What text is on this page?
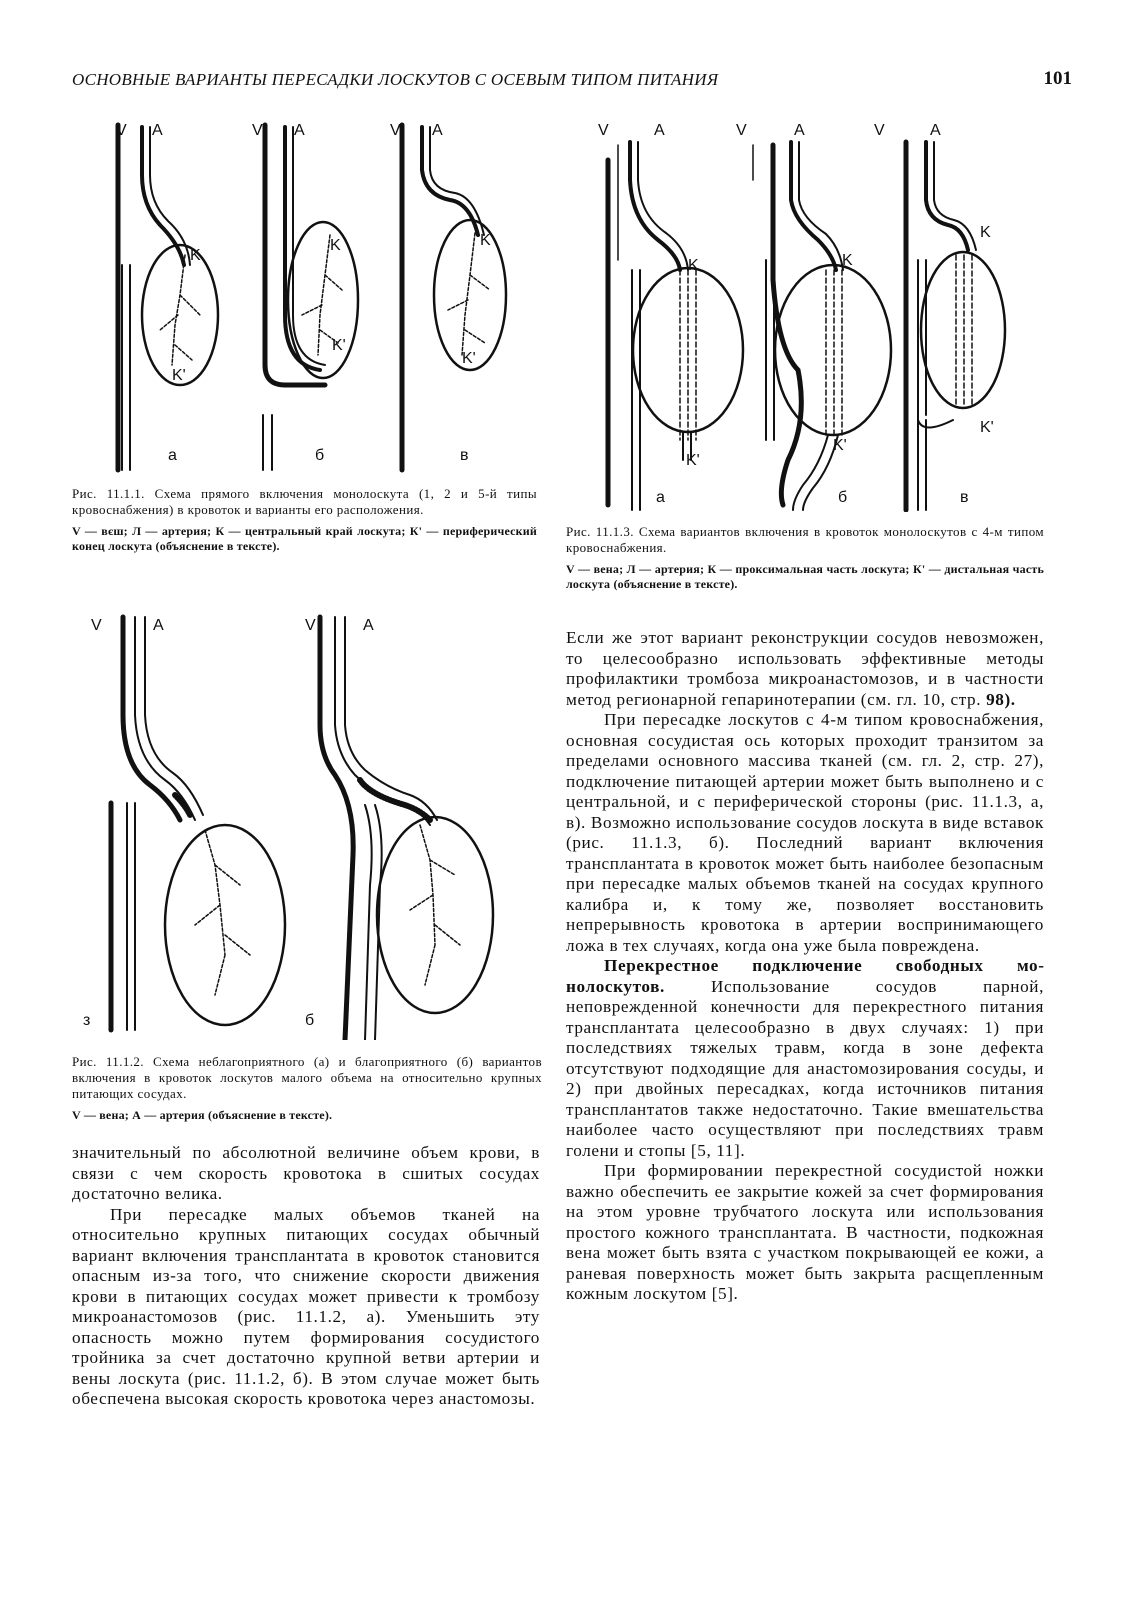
ОСНОВНЫЕ ВАРИАНТЫ ПЕРЕСАДКИ ЛОСКУТОВ С ОСЕВЫМ ТИПОМ ПИТАНИЯ	101
V A
K
K'
V A
K
K'
V A
K
K'
а	б	в
Рис. 11.1.1. Схема прямого включения монолоскута (1, 2 и 5-й типы кровоснабжения) в кровоток и варианты его расположения.
V — вєш; Л — артерия; К — центральный край лоскута; К' — периферический конец лоскута (объяснение в тексте).
V	A
K
K'
V	A
K
K'
V	A
K
K'
а	б	в
Рис. 11.1.3. Схема вариантов включения в кровоток монолоскутов с 4-м типом кровоснабжения.
V — вена; Л — артерия; К — проксимальная часть лоскута; К' — дистальная часть лоскута (объяснение в тексте).
V	A	V	A
з	б
Рис. 11.1.2. Схема неблагоприятного (а) и благоприятного (б) вариантов включения в кровоток лоскутов малого объема на относительно крупных питающих сосудах.
V — вена; А — артерия (объяснение в тексте).

значительный по абсолютной величине объем крови, в связи с чем скорость кровотока в сшитых сосудах достаточно велика.

При пересадке малых объемов тканей на относительно крупных питающих сосудах обычный вариант включения трансплантата в кровоток становится опасным из-за того, что снижение скорости движения крови в питающих сосудах может привести к тромбозу микроанастомозов (рис. 11.1.2, а). Уменьшить эту опасность можно путем формирования сосудистого тройника за счет достаточно крупной ветви артерии и вены лоскута (рис. 11.1.2, б). В этом случае может быть обеспечена высокая скорость кровотока через анастомозы.

Если же этот вариант реконструкции сосудов невозможен, то целесообразно использовать эффективные методы профилактики тромбоза микроанастомозов, и в частности метод регионарной гепаринотерапии (см. гл. 10, стр. 98).

При пересадке лоскутов с 4-м типом кровоснабжения, основная сосудистая ось которых проходит транзитом за пределами основного массива тканей (см. гл. 2, стр. 27), подключение питающей артерии может быть выполнено и с центральной, и с периферической стороны (рис. 11.1.3, а, в). Возможно использование сосудов лоскута в виде вставок (рис. 11.1.3, б). Последний вариант включения трансплантата в кровоток может быть наиболее безопасным при пересадке малых объемов тканей на сосудах крупного калибра и, к тому же, позволяет восстановить непрерывность кровотока в артерии воспринимающего ложа в тех случаях, когда она уже была повреждена.

Перекрестное подключение свободных монолоскутов.	Использование сосудов парной, неповрежденной конечности для перекрестного питания трансплантата целесообразно в двух случаях: 1) при последствиях тяжелых травм, когда в зоне дефекта отсутствуют подходящие для анастомозирования сосуды, и 2) при двойных пересадках, когда источников питания трансплантатов также недостаточно. Такие вмешательства наиболее часто осуществляют при последствиях травм голени и стопы [5, 11].

При формировании перекрестной сосудистой ножки важно обеспечить ее закрытие кожей за счет формирования на этом уровне трубчатого лоскута или использования простого кожного трансплантата. В частности, подкожная вена может быть взята с участком покрывающей ее кожи, а раневая поверхность может быть закрыта расщепленным кожным лоскутом [5].
